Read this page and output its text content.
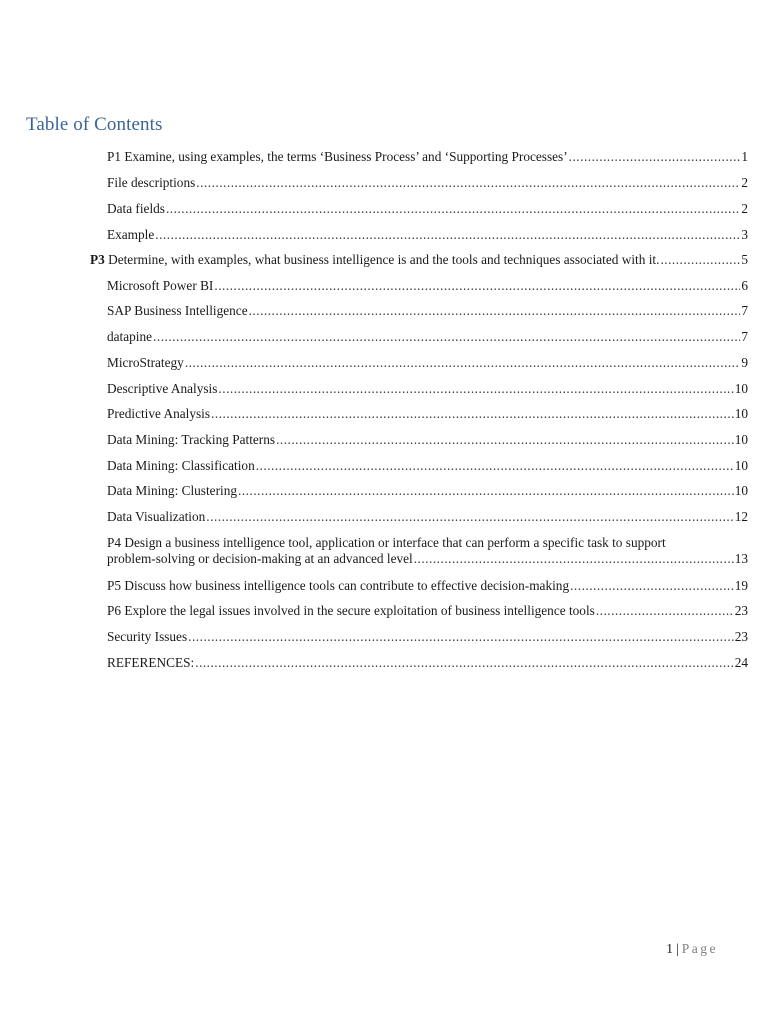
Table of Contents
P1 Examine, using examples, the terms ‘Business Process’ and ‘Supporting Processes’ .....	1
File descriptions .....	2
Data fields .....	2
Example .....	3
P3 Determine, with examples, what business intelligence is and the tools and techniques associated with it. .....	5
Microsoft Power BI .....	6
SAP Business Intelligence .....	7
datapine .....	7
MicroStrategy .....	9
Descriptive Analysis .....	10
Predictive Analysis .....	10
Data Mining: Tracking Patterns .....	10
Data Mining: Classification .....	10
Data Mining: Clustering .....	10
Data Visualization .....	12
P4 Design a business intelligence tool, application or interface that can perform a specific task to support
problem-solving or decision-making at an advanced level .....	13
P5 Discuss how business intelligence tools can contribute to effective decision-making .....	19
P6 Explore the legal issues involved in the secure exploitation of business intelligence tools .....	23
Security Issues .....	23
REFERENCES: .....	24
1 | Page
